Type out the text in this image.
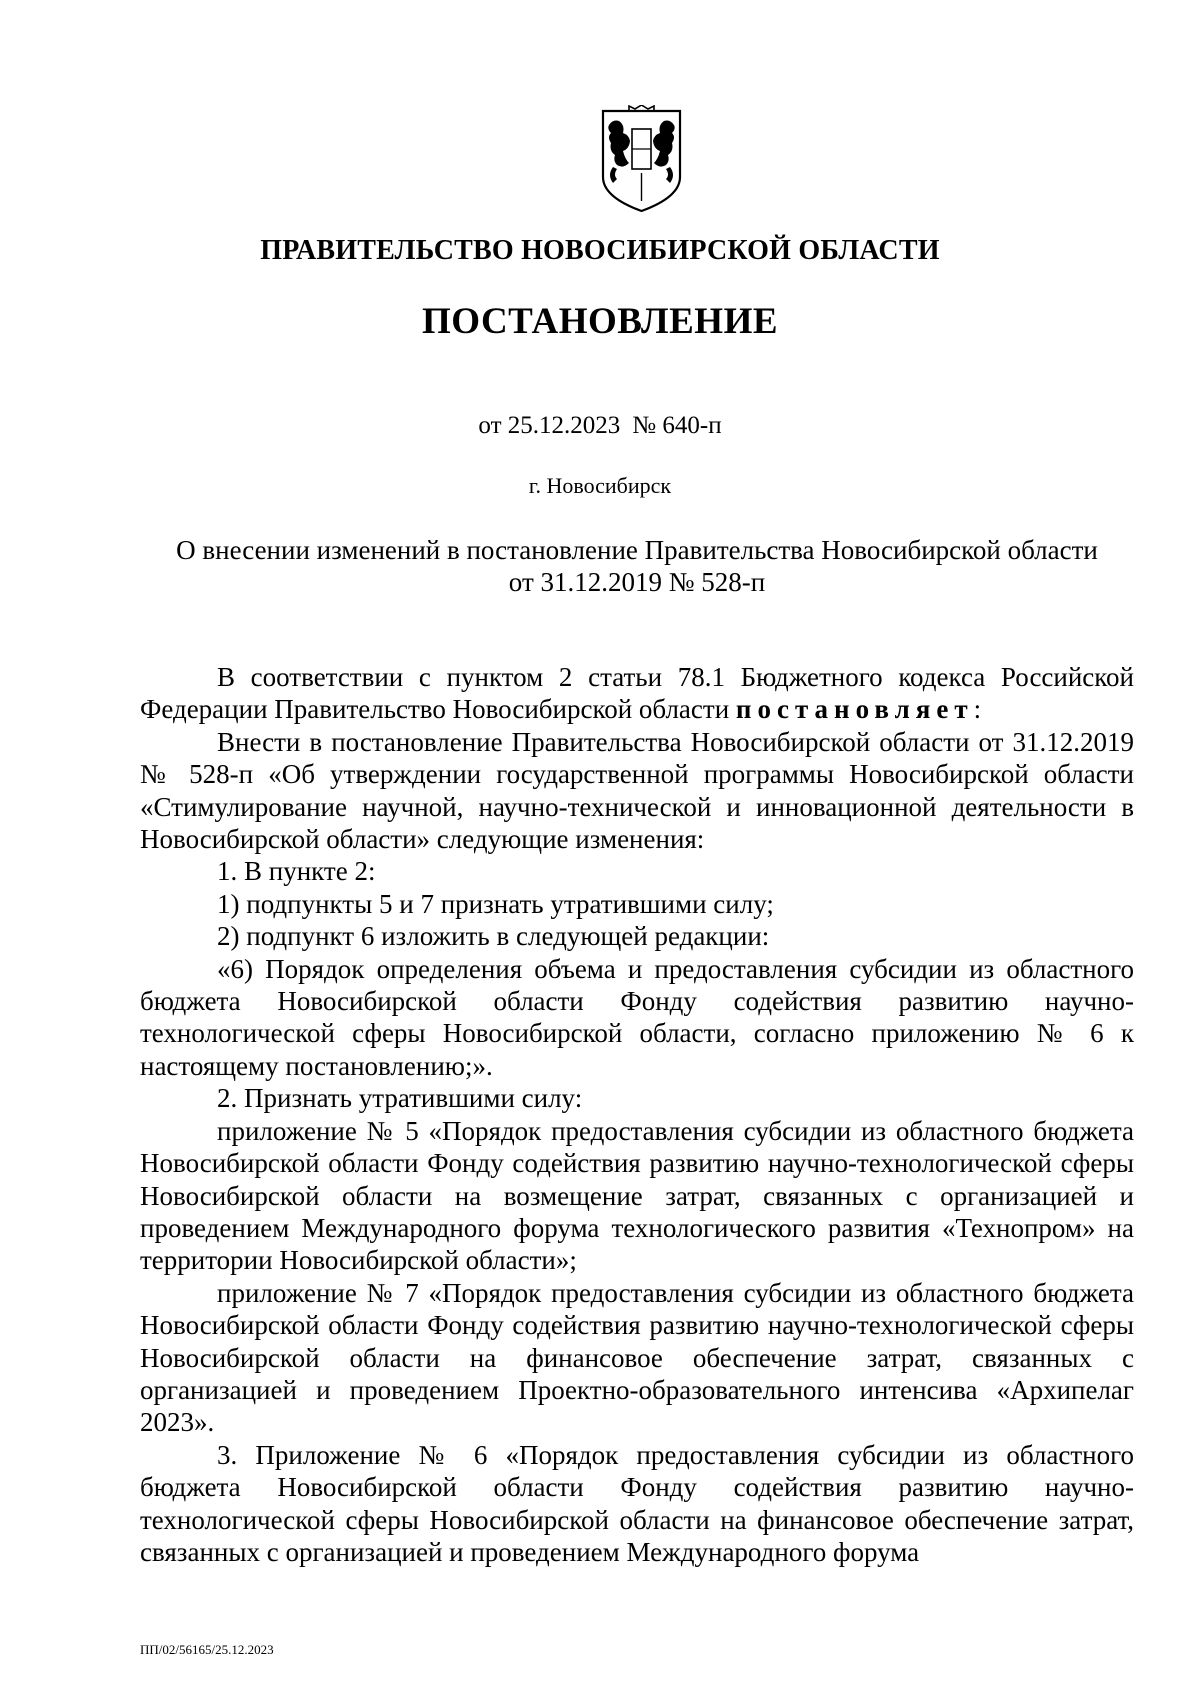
ПРАВИТЕЛЬСТВО НОВОСИБИРСКОЙ ОБЛАСТИ
ПОСТАНОВЛЕНИЕ
от 25.12.2023 № 640-п
г. Новосибирск
О внесении изменений в постановление Правительства Новосибирской области
от 31.12.2019 № 528-п

В соответствии с пунктом 2 статьи 78.1 Бюджетного кодекса Российской Федерации Правительство Новосибирской области постановляет:

Внести в постановление Правительства Новосибирской области от 31.12.2019 № 528-п «Об утверждении государственной программы Новосибирской области «Стимулирование научной, научно-технической и инновационной деятельности в Новосибирской области» следующие изменения:

1. В пункте 2:

1) подпункты 5 и 7 признать утратившими силу;

2) подпункт 6 изложить в следующей редакции:

«6) Порядок определения объема и предоставления субсидии из областного бюджета Новосибирской области Фонду содействия развитию научно-технологической сферы Новосибирской области, согласно приложению № 6 к настоящему постановлению;».

2. Признать утратившими силу:

приложение № 5 «Порядок предоставления субсидии из областного бюджета Новосибирской области Фонду содействия развитию научно-технологической сферы Новосибирской области на возмещение затрат, связанных с организацией и проведением Международного форума технологического развития «Технопром» на территории Новосибирской области»;

приложение № 7 «Порядок предоставления субсидии из областного бюджета Новосибирской области Фонду содействия развитию научно-технологической сферы Новосибирской области на финансовое обеспечение затрат, связанных с организацией и проведением Проектно-образовательного интенсива «Архипелаг 2023».

3. Приложение № 6 «Порядок предоставления субсидии из областного бюджета Новосибирской области Фонду содействия развитию научно-технологической сферы Новосибирской области на финансовое обеспечение затрат, связанных с организацией и проведением Международного форума

ПП/02/56165/25.12.2023
